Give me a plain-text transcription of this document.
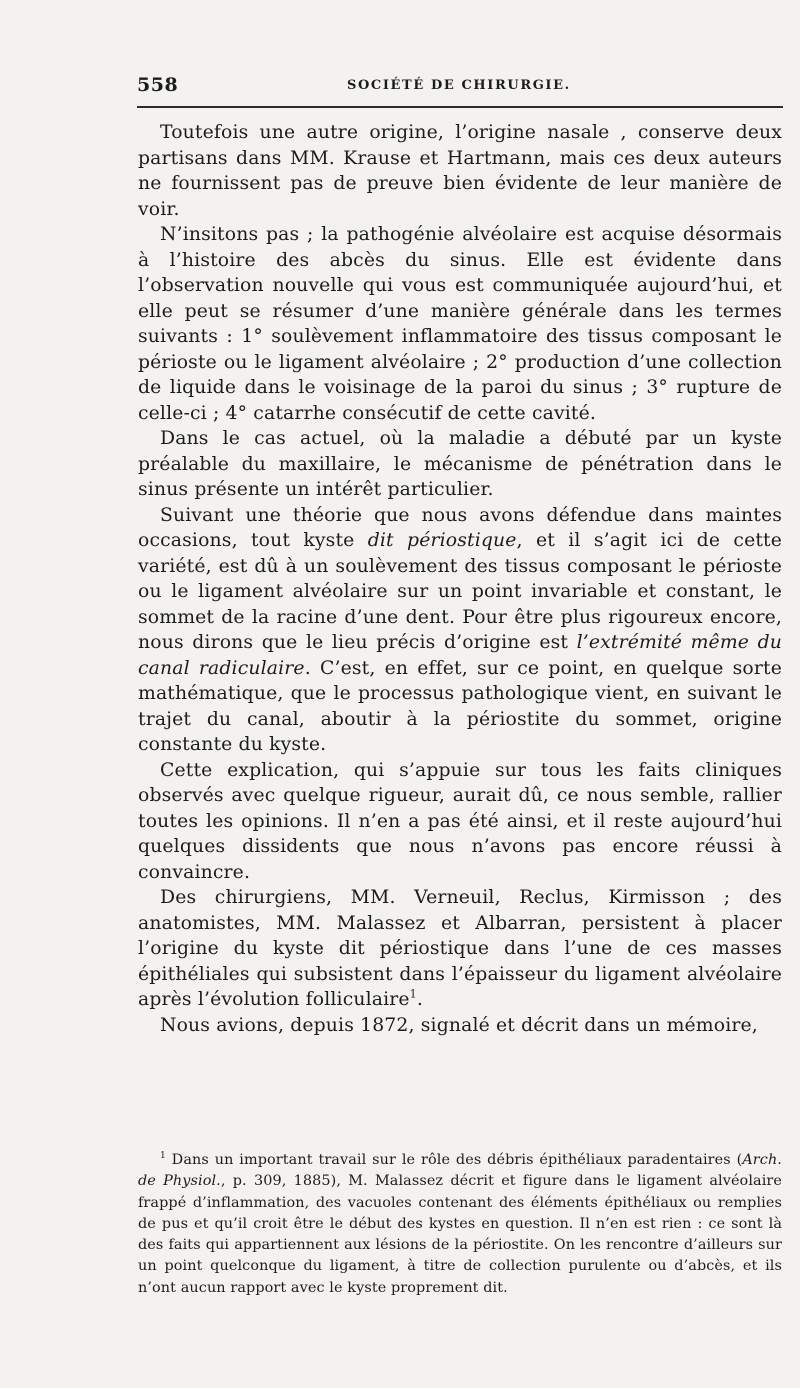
558	SOCIÉTÉ DE CHIRURGIE.

Toutefois une autre origine, l’origine nasale , conserve deux partisans dans MM. Krause et Hartmann, mais ces deux auteurs ne fournissent pas de preuve bien évidente de leur manière de voir.

N’insitons pas ; la pathogénie alvéolaire est acquise désormais à l’histoire des abcès du sinus. Elle est évidente dans l’observation nouvelle qui vous est communiquée aujourd’hui, et elle peut se résumer d’une manière générale dans les termes suivants : 1° soulèvement inflammatoire des tissus composant le périoste ou le ligament alvéolaire ; 2° production d’une collection de liquide dans le voisinage de la paroi du sinus ; 3° rupture de celle-ci ; 4° catarrhe consécutif de cette cavité.

Dans le cas actuel, où la maladie a débuté par un kyste préalable du maxillaire, le mécanisme de pénétration dans le sinus présente un intérêt particulier.

Suivant une théorie que nous avons défendue dans maintes occasions, tout kyste dit périostique, et il s’agit ici de cette variété, est dû à un soulèvement des tissus composant le périoste ou le ligament alvéolaire sur un point invariable et constant, le sommet de la racine d’une dent. Pour être plus rigoureux encore, nous dirons que le lieu précis d’origine est l’extrémité même du canal radiculaire. C’est, en effet, sur ce point, en quelque sorte mathématique, que le processus pathologique vient, en suivant le trajet du canal, aboutir à la périostite du sommet, origine constante du kyste.

Cette explication, qui s’appuie sur tous les faits cliniques observés avec quelque rigueur, aurait dû, ce nous semble, rallier toutes les opinions. Il n’en a pas été ainsi, et il reste aujourd’hui quelques dissidents que nous n’avons pas encore réussi à convaincre.

Des chirurgiens, MM. Verneuil, Reclus, Kirmisson ; des anatomistes, MM. Malassez et Albarran, persistent à placer l’origine du kyste dit périostique dans l’une de ces masses épithéliales qui subsistent dans l’épaisseur du ligament alvéolaire après l’évolution folliculaire$^1$.

Nous avions, depuis 1872, signalé et décrit dans un mémoire,

$^1$ Dans un important travail sur le rôle des débris épithéliaux paradentaires (Arch. de Physiol., p. 309, 1885), M. Malassez décrit et figure dans le ligament alvéolaire frappé d’inflammation, des vacuoles contenant des éléments épithéliaux ou remplies de pus et qu’il croit être le début des kystes en question. Il n’en est rien : ce sont là des faits qui appartiennent aux lésions de la périostite. On les rencontre d’ailleurs sur un point quelconque du ligament, à titre de collection purulente ou d’abcès, et ils n’ont aucun rapport avec le kyste proprement dit.
